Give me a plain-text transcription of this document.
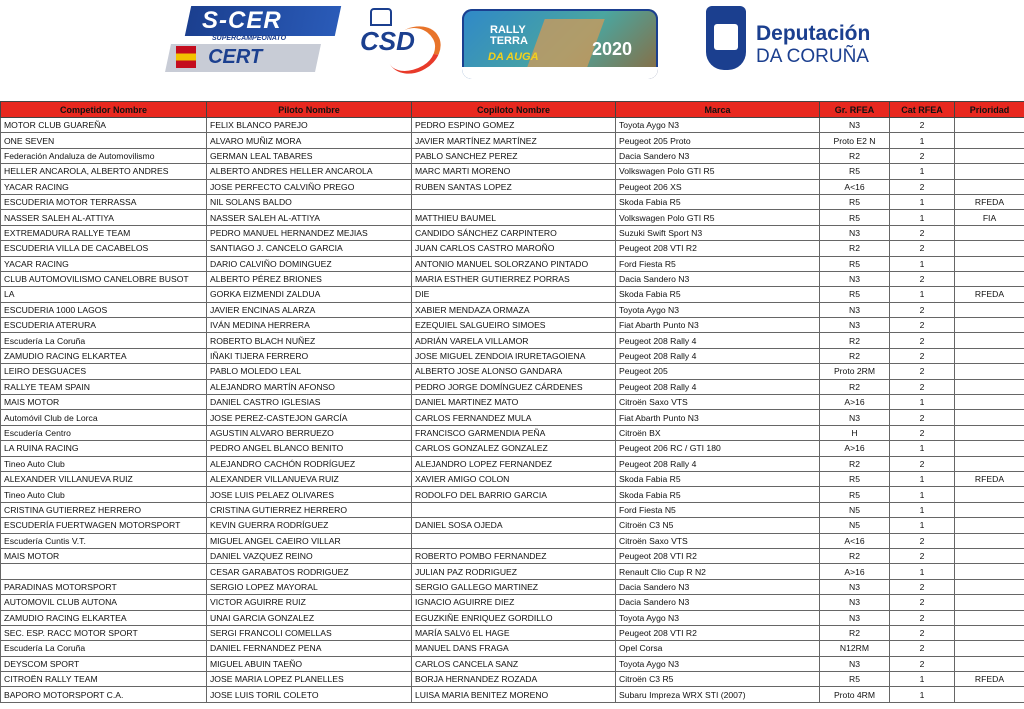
S-CER
SUPERCAMPEONATO
CERT
CSD	RALLY
TERRA
DA AUGA	2020
Deputación
DA CORUÑA
Competidor Nombre	Piloto Nombre	Copiloto Nombre	Marca	Gr. RFEA	Cat RFEA	Prioridad
MOTOR CLUB GUAREÑA	FELIX BLANCO PAREJO	PEDRO ESPINO GOMEZ	Toyota Aygo N3	N3	2	
ONE SEVEN	ALVARO MUÑIZ MORA	JAVIER MARTÍNEZ MARTÍNEZ	Peugeot 205 Proto	Proto E2 N	1	
Federación Andaluza de Automovilismo	GERMAN LEAL TABARES	PABLO SANCHEZ PEREZ	Dacia Sandero N3	R2	2	
HELLER ANCAROLA, ALBERTO ANDRES	ALBERTO ANDRES HELLER ANCAROLA	MARC MARTI MORENO	Volkswagen Polo GTI R5	R5	1	
YACAR RACING	JOSE PERFECTO CALVIÑO PREGO	RUBEN SANTAS LOPEZ	Peugeot 206 XS	A<16	2	
ESCUDERIA MOTOR TERRASSA	NIL SOLANS BALDO		Skoda Fabia R5	R5	1	RFEDA
NASSER SALEH AL-ATTIYA	NASSER SALEH AL-ATTIYA	MATTHIEU BAUMEL	Volkswagen Polo GTI R5	R5	1	FIA
EXTREMADURA RALLYE TEAM	PEDRO MANUEL HERNANDEZ MEJIAS	CANDIDO SÁNCHEZ CARPINTERO	Suzuki Swift Sport N3	N3	2	
ESCUDERIA VILLA DE CACABELOS	SANTIAGO J. CANCELO GARCIA	JUAN CARLOS CASTRO MAROÑO	Peugeot 208 VTI R2	R2	2	
YACAR RACING	DARIO CALVIÑO DOMINGUEZ	ANTONIO MANUEL SOLORZANO PINTADO	Ford Fiesta R5	R5	1	
CLUB AUTOMOVILISMO CANELOBRE BUSOT	ALBERTO PÉREZ BRIONES	MARIA ESTHER GUTIERREZ PORRAS	Dacia Sandero N3	N3	2	
LA	GORKA EIZMENDI ZALDUA	DIE	Skoda Fabia R5	R5	1	RFEDA
ESCUDERIA 1000 LAGOS	JAVIER ENCINAS ALARZA	XABIER MENDAZA ORMAZA	Toyota Aygo N3	N3	2	
ESCUDERIA ATERURA	IVÁN MEDINA HERRERA	EZEQUIEL SALGUEIRO SIMOES	Fiat Abarth Punto N3	N3	2	
Escudería La Coruña	ROBERTO BLACH NUÑEZ	ADRIÁN VARELA VILLAMOR	Peugeot 208 Rally 4	R2	2	
ZAMUDIO RACING ELKARTEA	IÑAKI TIJERA FERRERO	JOSE MIGUEL ZENDOIA IRURETAGOIENA	Peugeot 208 Rally 4	R2	2	
LEIRO DESGUACES	PABLO MOLEDO LEAL	ALBERTO JOSE ALONSO GANDARA	Peugeot 205	Proto 2RM	2	
RALLYE TEAM SPAIN	ALEJANDRO MARTÍN AFONSO	PEDRO JORGE DOMÍNGUEZ CÁRDENES	Peugeot 208 Rally 4	R2	2	
MAIS MOTOR	DANIEL CASTRO IGLESIAS	DANIEL MARTINEZ MATO	Citroën Saxo VTS	A>16	1	
Automóvil Club de Lorca	JOSE PEREZ-CASTEJON GARCÍA	CARLOS FERNANDEZ MULA	Fiat Abarth Punto N3	N3	2	
Escudería Centro	AGUSTIN ALVARO BERRUEZO	FRANCISCO GARMENDIA PEÑA	Citroën BX	H	2	
LA RUINA RACING	PEDRO ANGEL BLANCO BENITO	CARLOS GONZALEZ GONZALEZ	Peugeot 206 RC / GTI 180	A>16	1	
Tineo Auto Club	ALEJANDRO CACHÓN RODRÍGUEZ	ALEJANDRO LOPEZ FERNANDEZ	Peugeot 208 Rally 4	R2	2	
ALEXANDER VILLANUEVA RUIZ	ALEXANDER VILLANUEVA RUIZ	XAVIER AMIGO COLON	Skoda Fabia R5	R5	1	RFEDA
Tineo Auto Club	JOSE LUIS PELAEZ OLIVARES	RODOLFO DEL BARRIO GARCIA	Skoda Fabia R5	R5	1	
CRISTINA GUTIERREZ HERRERO	CRISTINA GUTIERREZ HERRERO		Ford Fiesta N5	N5	1	
ESCUDERÍA FUERTWAGEN MOTORSPORT	KEVIN GUERRA RODRÍGUEZ	DANIEL SOSA OJEDA	Citroën C3 N5	N5	1	
Escudería Cuntis V.T.	MIGUEL ANGEL CAEIRO VILLAR		Citroën Saxo VTS	A<16	2	
MAIS MOTOR	DANIEL VAZQUEZ REINO	ROBERTO POMBO FERNANDEZ	Peugeot 208 VTI R2	R2	2	
	CESAR GARABATOS RODRIGUEZ	JULIAN PAZ RODRIGUEZ	Renault Clio Cup R N2	A>16	1	
PARADINAS MOTORSPORT	SERGIO LOPEZ MAYORAL	SERGIO GALLEGO MARTINEZ	Dacia Sandero N3	N3	2	
AUTOMOVIL CLUB AUTONA	VICTOR AGUIRRE RUIZ	IGNACIO AGUIRRE DIEZ	Dacia Sandero N3	N3	2	
ZAMUDIO RACING ELKARTEA	UNAI GARCIA GONZALEZ	EGUZKIÑE ENRIQUEZ GORDILLO	Toyota Aygo N3	N3	2	
SEC. ESP. RACC MOTOR SPORT	SERGI FRANCOLI COMELLAS	MARÍA SALVó EL HAGE	Peugeot 208 VTI R2	R2	2	
Escudería La Coruña	DANIEL FERNANDEZ PENA	MANUEL DANS FRAGA	Opel Corsa	N12RM	2	
DEYSCOM SPORT	MIGUEL ABUIN TAEÑO	CARLOS CANCELA SANZ	Toyota Aygo N3	N3	2	
CITROËN RALLY TEAM	JOSE MARIA LOPEZ PLANELLES	BORJA HERNANDEZ ROZADA	Citroën C3 R5	R5	1	RFEDA
BAPORO MOTORSPORT C.A.	JOSE LUIS TORIL COLETO	LUISA MARIA BENITEZ MORENO	Subaru Impreza WRX STI (2007)	Proto 4RM	1	
